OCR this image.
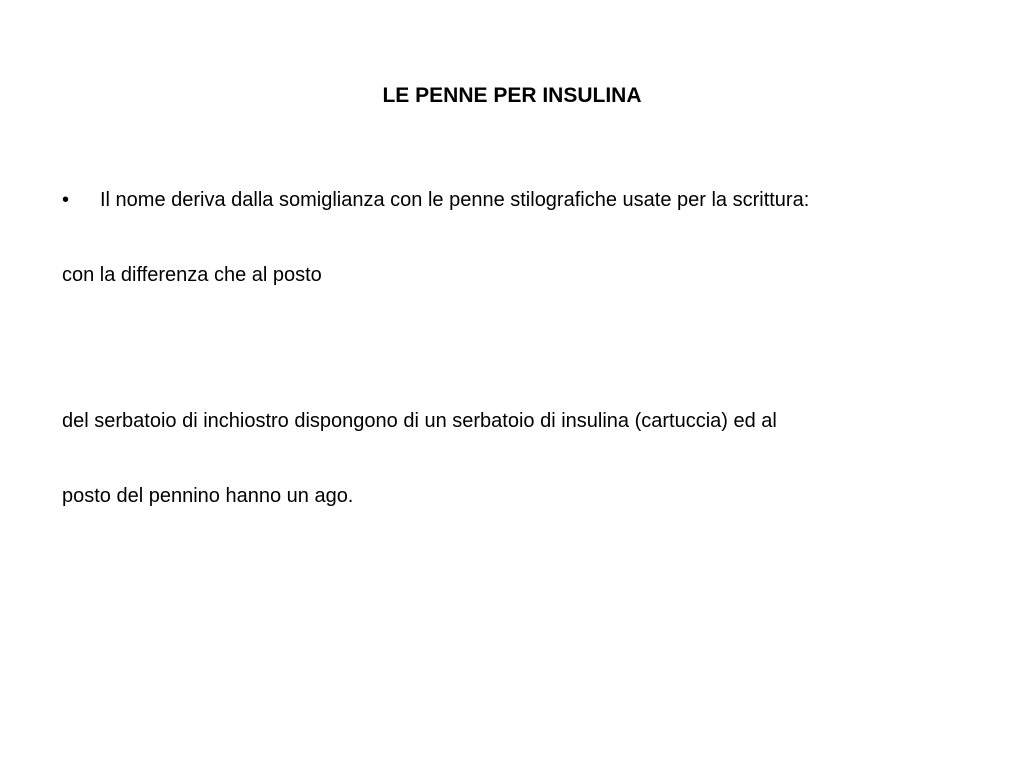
LE PENNE PER INSULINA
• Il nome deriva dalla somiglianza con le penne stilografiche usate per la scrittura:
con la differenza che al posto
del serbatoio di inchiostro dispongono di un serbatoio di insulina (cartuccia) ed al
posto del pennino hanno un ago.
